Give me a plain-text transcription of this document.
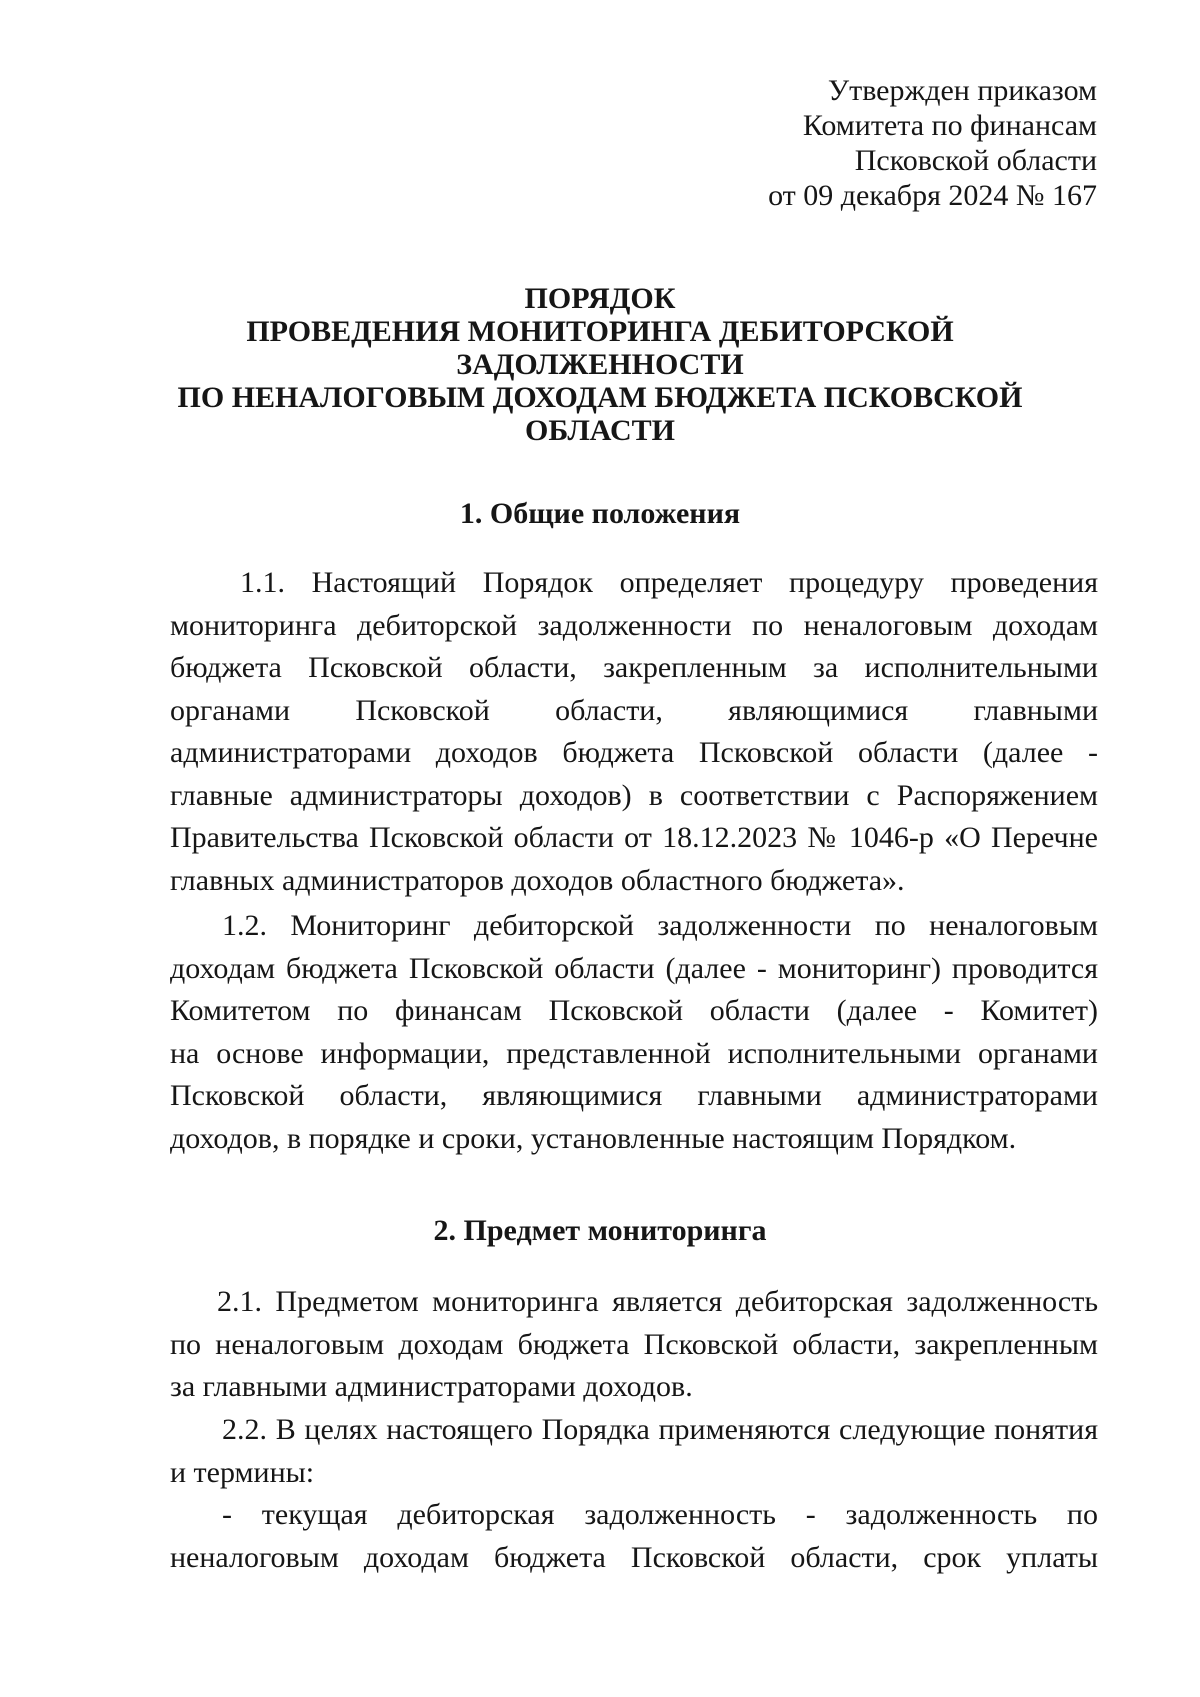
Утвержден приказом
Комитета по финансам
Псковской области
от 09 декабря 2024 № 167
ПОРЯДОК
ПРОВЕДЕНИЯ МОНИТОРИНГА ДЕБИТОРСКОЙ
ЗАДОЛЖЕННОСТИ
ПО НЕНАЛОГОВЫМ ДОХОДАМ БЮДЖЕТА ПСКОВСКОЙ
ОБЛАСТИ
1. Общие положения
1.1. Настоящий Порядок определяет процедуру проведения
мониторинга дебиторской задолженности по неналоговым доходам
бюджета Псковской области, закрепленным за исполнительными
органами Псковской области, являющимися главными
администраторами доходов бюджета Псковской области (далее -
главные администраторы доходов) в соответствии с Распоряжением
Правительства Псковской области от 18.12.2023 № 1046-р «О Перечне
главных администраторов доходов областного бюджета».
1.2. Мониторинг дебиторской задолженности по неналоговым
доходам бюджета Псковской области (далее - мониторинг) проводится
Комитетом по финансам Псковской области (далее - Комитет)
на основе информации, представленной исполнительными органами
Псковской области, являющимися главными администраторами
доходов, в порядке и сроки, установленные настоящим Порядком.
2. Предмет мониторинга
2.1. Предметом мониторинга является дебиторская задолженность
по неналоговым доходам бюджета Псковской области, закрепленным
за главными администраторами доходов.
2.2. В целях настоящего Порядка применяются следующие понятия
и термины:
- текущая дебиторская задолженность - задолженность по
неналоговым доходам бюджета Псковской области, срок уплаты
